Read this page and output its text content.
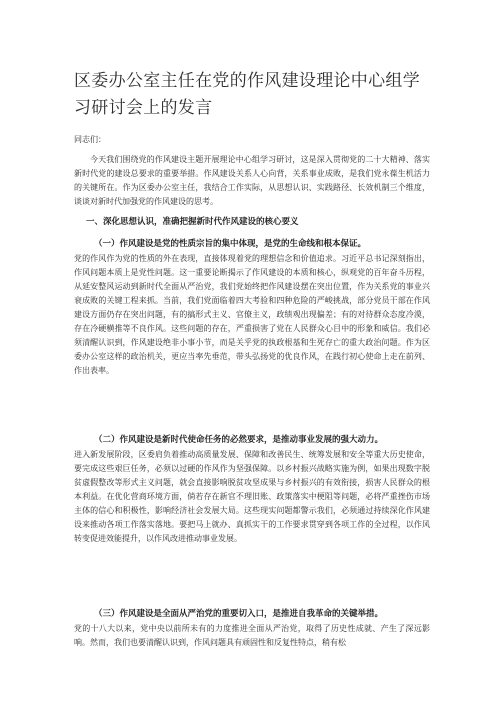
区委办公室主任在党的作风建设理论中心组学习研讨会上的发言
同志们：
今天我们围绕党的作风建设主题开展理论中心组学习研讨，这是深入贯彻党的二十大精神、落实新时代党的建设总要求的重要举措。作风建设关系人心向背，关系事业成败，是我们党永葆生机活力的关键所在。作为区委办公室主任，我结合工作实际，从思想认识、实践路径、长效机制三个维度，谈谈对新时代加强党的作风建设的思考。
一、深化思想认识，准确把握新时代作风建设的核心要义
（一）作风建设是党的性质宗旨的集中体现，是党的生命线和根本保证。
党的作风作为党的性质的外在表现，直接体现着党的理想信念和价值追求。习近平总书记深刻指出，作风问题本质上是党性问题。这一重要论断揭示了作风建设的本质和核心，纵观党的百年奋斗历程，从延安整风运动到新时代全面从严治党，我们党始终把作风建设摆在突出位置，作为关系党的事业兴衰成败的关键工程来抓。当前，我们党面临着四大考验和四种危险的严峻挑战，部分党员干部在作风建设方面仍存在突出问题，有的搞形式主义、官僚主义，政绩观出现偏差；有的对待群众态度冷漠，存在冷硬横推等不良作风。这些问题的存在，严重损害了党在人民群众心目中的形象和威信。我们必须清醒认识到，作风建设绝非小事小节，而是关乎党的执政根基和生死存亡的重大政治问题。作为区委办公室这样的政治机关，更应当率先垂范，带头弘扬党的优良作风，在践行初心使命上走在前列、作出表率。
（二）作风建设是新时代使命任务的必然要求，是推动事业发展的强大动力。
进入新发展阶段，区委肩负着推动高质量发展、保障和改善民生、统筹发展和安全等重大历史使命，要完成这些艰巨任务，必须以过硬的作风作为坚强保障。以乡村振兴战略实施为例，如果出现数字脱贫虚假整改等形式主义问题，就会直接影响脱贫攻坚成果与乡村振兴的有效衔接，损害人民群众的根本利益。在优化营商环境方面，倘若存在新官不理旧账、政策落实中梗阻等问题，必将严重挫伤市场主体的信心和积极性，影响经济社会发展大局。这些现实问题都警示我们，必须通过持续深化作风建设来推动各项工作落实落地。要把马上就办、真抓实干的工作要求贯穿到各项工作的全过程，以作风转变促进效能提升，以作风改进推动事业发展。
（三）作风建设是全面从严治党的重要切入口，是推进自我革命的关键举措。
党的十八大以来，党中央以前所未有的力度推进全面从严治党，取得了历史性成就、产生了深远影响。然而，我们也要清醒认识到，作风问题具有顽固性和反复性特点，稍有松
